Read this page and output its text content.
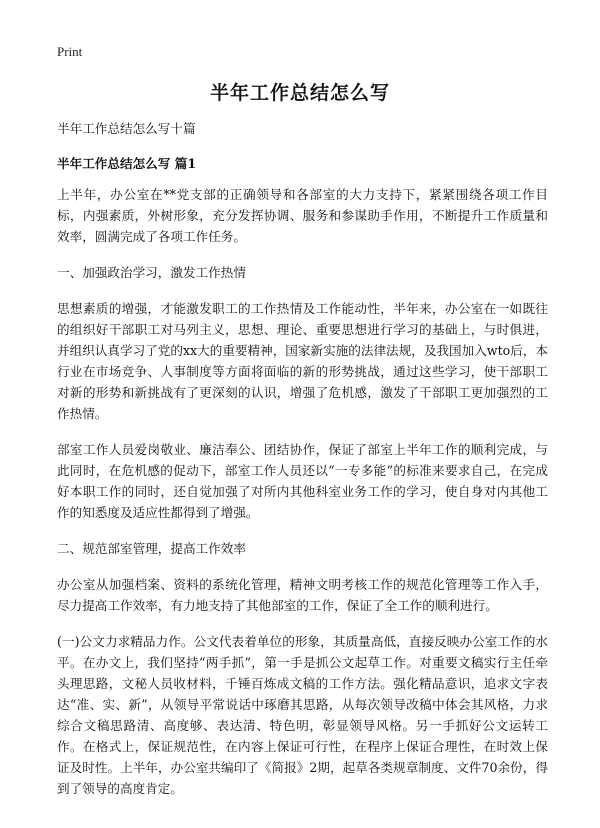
Print
半年工作总结怎么写

半年工作总结怎么写十篇

半年工作总结怎么写 篇1

上半年，办公室在**党支部的正确领导和各部室的大力支持下，紧紧围绕各项工作目标，内强素质，外树形象，充分发挥协调、服务和参谋助手作用，不断提升工作质量和效率，圆满完成了各项工作任务。

一、加强政治学习，激发工作热情

思想素质的增强，才能激发职工的工作热情及工作能动性，半年来，办公室在一如既往的组织好干部职工对马列主义，思想、理论、重要思想进行学习的基础上，与时俱进，并组织认真学习了党的xx大的重要精神，国家新实施的法律法规，及我国加入wto后，本行业在市场竞争、人事制度等方面将面临的新的形势挑战，通过这些学习，使干部职工对新的形势和新挑战有了更深刻的认识，增强了危机感，激发了干部职工更加强烈的工作热情。

部室工作人员爱岗敬业、廉洁奉公、团结协作，保证了部室上半年工作的顺利完成，与此同时，在危机感的促动下，部室工作人员还以“一专多能”的标准来要求自己，在完成好本职工作的同时，还自觉加强了对所内其他科室业务工作的学习，使自身对内其他工作的知悉度及适应性都得到了增强。

二、规范部室管理，提高工作效率

办公室从加强档案、资料的系统化管理，精神文明考核工作的规范化管理等工作入手，尽力提高工作效率，有力地支持了其他部室的工作，保证了全工作的顺利进行。

(一)公文力求精品力作。公文代表着单位的形象，其质量高低，直接反映办公室工作的水平。在办文上，我们坚持“两手抓”，第一手是抓公文起草工作。对重要文稿实行主任牵头理思路，文秘人员收材料，千锤百炼成文稿的工作方法。强化精品意识，追求文字表达“准、实、新”，从领导平常说话中琢磨其思路，从每次领导改稿中体会其风格，力求综合文稿思路清、高度够、表达清、特色明，彰显领导风格。另一手抓好公文运转工作。在格式上，保证规范性，在内容上保证可行性，在程序上保证合理性，在时效上保证及时性。上半年，办公室共编印了《简报》2期，起草各类规章制度、文件70余份，得到了领导的高度肯定。
